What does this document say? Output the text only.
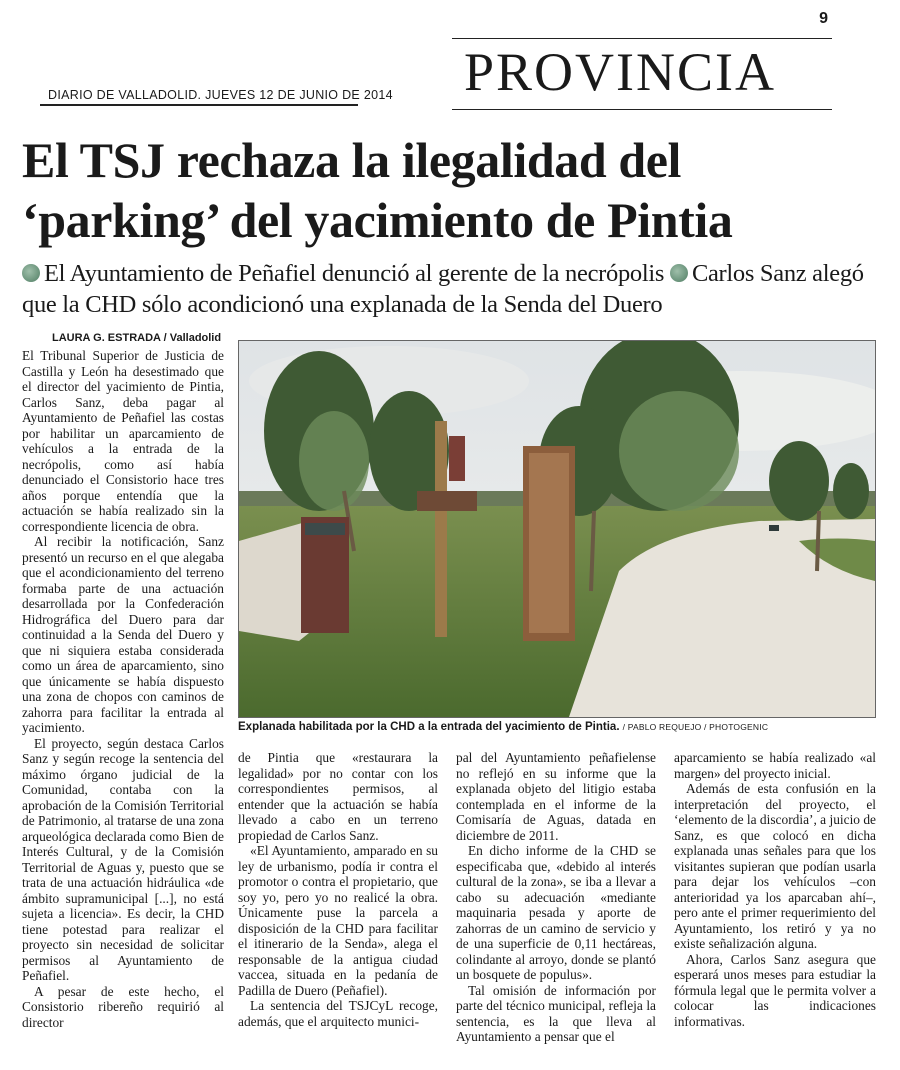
9
PROVINCIA
DIARIO DE VALLADOLID. JUEVES 12 DE JUNIO DE 2014
El TSJ rechaza la ilegalidad del
‘parking’ del yacimiento de Pintia
El Ayuntamiento de Peñafiel denunció al gerente de la necrópolis Carlos Sanz alegó que la CHD sólo acondicionó una explanada de la Senda del Duero
LAURA G. ESTRADA / Valladolid

El Tribunal Superior de Justicia de Castilla y León ha desestimado que el director del yacimiento de Pintia, Carlos Sanz, deba pagar al Ayuntamiento de Peñafiel las costas por habilitar un aparcamiento de vehículos a la entrada de la necrópolis, como así había denunciado el Consistorio hace tres años porque entendía que la actuación se había realizado sin la correspondiente licencia de obra.

Al recibir la notificación, Sanz presentó un recurso en el que alegaba que el acondicionamiento del terreno formaba parte de una actuación desarrollada por la Confederación Hidrográfica del Duero para dar continuidad a la Senda del Duero y que ni siquiera estaba considerada como un área de aparcamiento, sino que únicamente se había dispuesto una zona de chopos con caminos de zahorra para facilitar la entrada al yacimiento.

El proyecto, según destaca Carlos Sanz y según recoge la sentencia del máximo órgano judicial de la Comunidad, contaba con la aprobación de la Comisión Territorial de Patrimonio, al tratarse de una zona arqueológica declarada como Bien de Interés Cultural, y de la Comisión Territorial de Aguas y, puesto que se trata de una actuación hidráulica «de ámbito supramunicipal [...], no está sujeta a licencia». Es decir, la CHD tiene potestad para realizar el proyecto sin necesidad de solicitar permisos al Ayuntamiento de Peñafiel.

A pesar de este hecho, el Consistorio ribereño requirió al director

Explanada habilitada por la CHD a la entrada del yacimiento de Pintia. / PABLO REQUEJO / PHOTOGENIC

de Pintia que «restaurara la legalidad» por no contar con los correspondientes permisos, al entender que la actuación se había llevado a cabo en un terreno propiedad de Carlos Sanz.

«El Ayuntamiento, amparado en su ley de urbanismo, podía ir contra el promotor o contra el propietario, que soy yo, pero yo no realicé la obra. Únicamente puse la parcela a disposición de la CHD para facilitar el itinerario de la Senda», alega el responsable de la antigua ciudad vaccea, situada en la pedanía de Padilla de Duero (Peñafiel).

La sentencia del TSJCyL recoge, además, que el arquitecto munici-

pal del Ayuntamiento peñafielense no reflejó en su informe que la explanada objeto del litigio estaba contemplada en el informe de la Comisaría de Aguas, datada en diciembre de 2011.

En dicho informe de la CHD se especificaba que, «debido al interés cultural de la zona», se iba a llevar a cabo su adecuación «mediante maquinaria pesada y aporte de zahorras de un camino de servicio y de una superficie de 0,11 hectáreas, colindante al arroyo, donde se plantó un bosquete de populus».

Tal omisión de información por parte del técnico municipal, refleja la sentencia, es la que lleva al Ayuntamiento a pensar que el

aparcamiento se había realizado «al margen» del proyecto inicial.

Además de esta confusión en la interpretación del proyecto, el ‘elemento de la discordia’, a juicio de Sanz, es que colocó en dicha explanada unas señales para que los visitantes supieran que podían usarla para dejar los vehículos –con anterioridad ya los aparcaban ahí–, pero ante el primer requerimiento del Ayuntamiento, los retiró y ya no existe señalización alguna.

Ahora, Carlos Sanz asegura que esperará unos meses para estudiar la fórmula legal que le permita volver a colocar las indicaciones informativas.
